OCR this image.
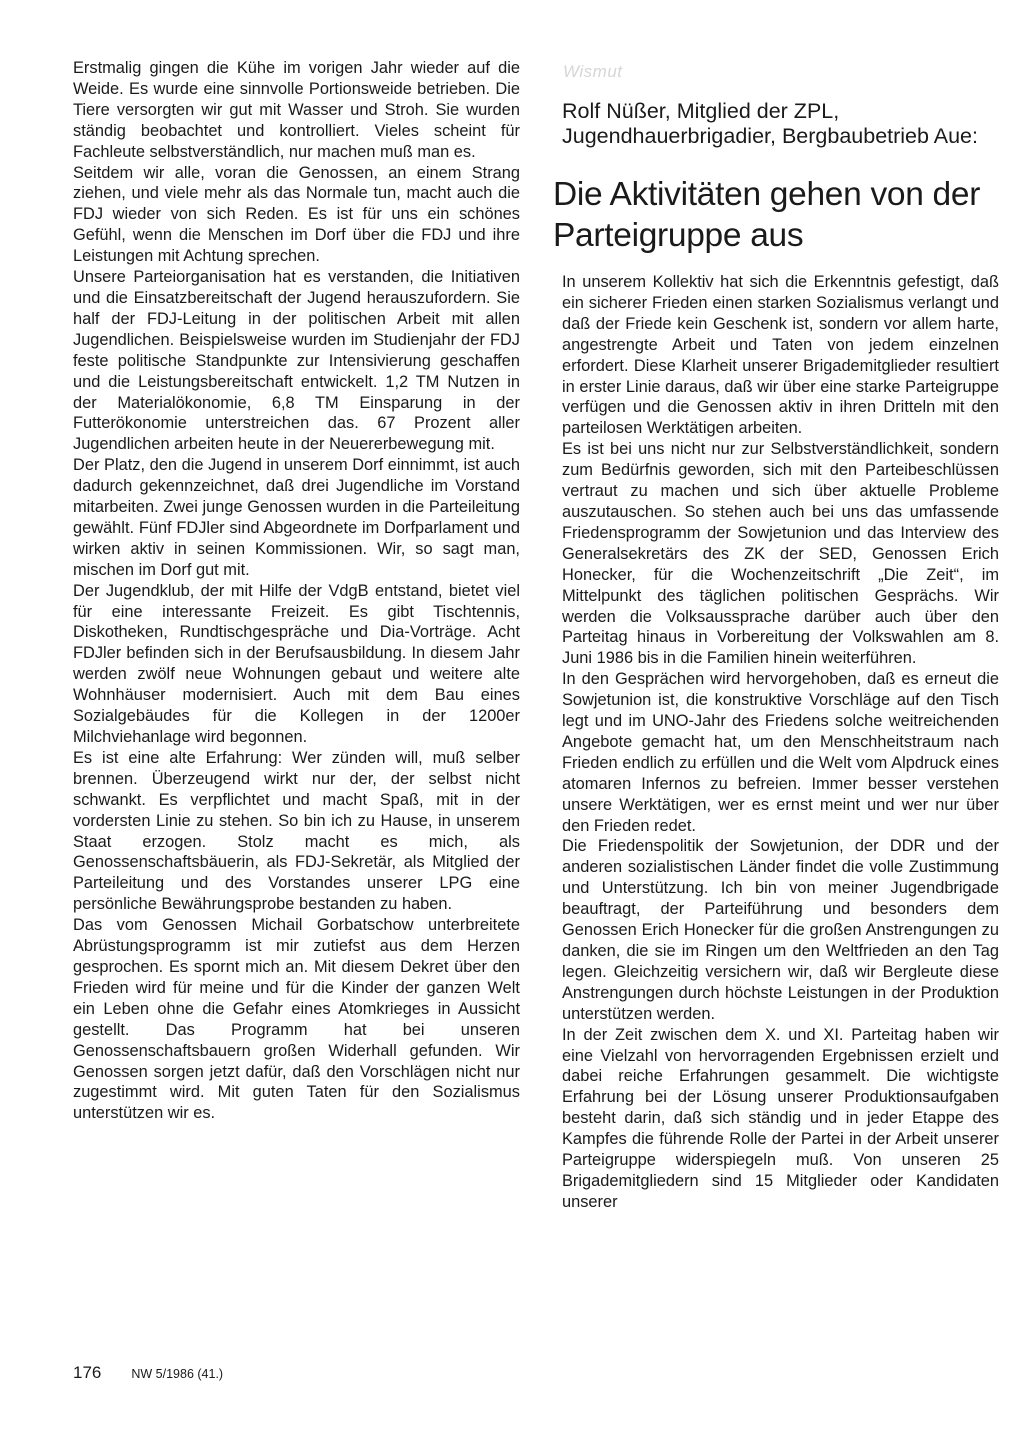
Erstmalig gingen die Kühe im vorigen Jahr wieder auf die Weide. Es wurde eine sinnvolle Portionsweide betrieben. Die Tiere versorgten wir gut mit Wasser und Stroh. Sie wurden ständig beobachtet und kontrolliert. Vieles scheint für Fachleute selbstverständlich, nur machen muß man es.

Seitdem wir alle, voran die Genossen, an einem Strang ziehen, und viele mehr als das Normale tun, macht auch die FDJ wieder von sich Reden. Es ist für uns ein schönes Gefühl, wenn die Menschen im Dorf über die FDJ und ihre Leistungen mit Achtung sprechen.

Unsere Parteiorganisation hat es verstanden, die Initiativen und die Einsatzbereitschaft der Jugend herauszufordern. Sie half der FDJ-Leitung in der politischen Arbeit mit allen Jugendlichen. Beispielsweise wurden im Studienjahr der FDJ feste politische Standpunkte zur Intensivierung geschaffen und die Leistungsbereitschaft entwickelt. 1,2 TM Nutzen in der Materialökonomie, 6,8 TM Einsparung in der Futterökonomie unterstreichen das. 67 Prozent aller Jugendlichen arbeiten heute in der Neuererbewegung mit.

Der Platz, den die Jugend in unserem Dorf einnimmt, ist auch dadurch gekennzeichnet, daß drei Jugendliche im Vorstand mitarbeiten. Zwei junge Genossen wurden in die Parteileitung gewählt. Fünf FDJler sind Abgeordnete im Dorfparlament und wirken aktiv in seinen Kommissionen. Wir, so sagt man, mischen im Dorf gut mit.

Der Jugendklub, der mit Hilfe der VdgB entstand, bietet viel für eine interessante Freizeit. Es gibt Tischtennis, Diskotheken, Rundtischgespräche und Dia-Vorträge. Acht FDJler befinden sich in der Berufsausbildung. In diesem Jahr werden zwölf neue Wohnungen gebaut und weitere alte Wohnhäuser modernisiert. Auch mit dem Bau eines Sozialgebäudes für die Kollegen in der 1200er Milchviehanlage wird begonnen.

Es ist eine alte Erfahrung: Wer zünden will, muß selber brennen. Überzeugend wirkt nur der, der selbst nicht schwankt. Es verpflichtet und macht Spaß, mit in der vordersten Linie zu stehen. So bin ich zu Hause, in unserem Staat erzogen. Stolz macht es mich, als Genossenschaftsbäuerin, als FDJ-Sekretär, als Mitglied der Parteileitung und des Vorstandes unserer LPG eine persönliche Bewährungsprobe bestanden zu haben.

Das vom Genossen Michail Gorbatschow unterbreitete Abrüstungsprogramm ist mir zutiefst aus dem Herzen gesprochen. Es spornt mich an. Mit diesem Dekret über den Frieden wird für meine und für die Kinder der ganzen Welt ein Leben ohne die Gefahr eines Atomkrieges in Aussicht gestellt. Das Programm hat bei unseren Genossenschaftsbauern großen Widerhall gefunden. Wir Genossen sorgen jetzt dafür, daß den Vorschlägen nicht nur zugestimmt wird. Mit guten Taten für den Sozialismus unterstützen wir es.

Wismut
Rolf Nüßer, Mitglied der ZPL, Jugendhauerbrigadier, Bergbaubetrieb Aue:
Die Aktivitäten gehen von der Parteigruppe aus

In unserem Kollektiv hat sich die Erkenntnis gefestigt, daß ein sicherer Frieden einen starken Sozialismus verlangt und daß der Friede kein Geschenk ist, sondern vor allem harte, angestrengte Arbeit und Taten von jedem einzelnen erfordert. Diese Klarheit unserer Brigademitglieder resultiert in erster Linie daraus, daß wir über eine starke Parteigruppe verfügen und die Genossen aktiv in ihren Dritteln mit den parteilosen Werktätigen arbeiten.

Es ist bei uns nicht nur zur Selbstverständlichkeit, sondern zum Bedürfnis geworden, sich mit den Parteibeschlüssen vertraut zu machen und sich über aktuelle Probleme auszutauschen. So stehen auch bei uns das umfassende Friedensprogramm der Sowjetunion und das Interview des Generalsekretärs des ZK der SED, Genossen Erich Honecker, für die Wochenzeitschrift „Die Zeit“, im Mittelpunkt des täglichen politischen Gesprächs. Wir werden die Volksaussprache darüber auch über den Parteitag hinaus in Vorbereitung der Volkswahlen am 8. Juni 1986 bis in die Familien hinein weiterführen.

In den Gesprächen wird hervorgehoben, daß es erneut die Sowjetunion ist, die konstruktive Vorschläge auf den Tisch legt und im UNO-Jahr des Friedens solche weitreichenden Angebote gemacht hat, um den Menschheitstraum nach Frieden endlich zu erfüllen und die Welt vom Alpdruck eines atomaren Infernos zu befreien. Immer besser verstehen unsere Werktätigen, wer es ernst meint und wer nur über den Frieden redet.

Die Friedenspolitik der Sowjetunion, der DDR und der anderen sozialistischen Länder findet die volle Zustimmung und Unterstützung. Ich bin von meiner Jugendbrigade beauftragt, der Parteiführung und besonders dem Genossen Erich Honecker für die großen Anstrengungen zu danken, die sie im Ringen um den Weltfrieden an den Tag legen. Gleichzeitig versichern wir, daß wir Bergleute diese Anstrengungen durch höchste Leistungen in der Produktion unterstützen werden.

In der Zeit zwischen dem X. und XI. Parteitag haben wir eine Vielzahl von hervorragenden Ergebnissen erzielt und dabei reiche Erfahrungen gesammelt. Die wichtigste Erfahrung bei der Lösung unserer Produktionsaufgaben besteht darin, daß sich ständig und in jeder Etappe des Kampfes die führende Rolle der Partei in der Arbeit unserer Parteigruppe widerspiegeln muß. Von unseren 25 Brigademitgliedern sind 15 Mitglieder oder Kandidaten unserer

176 NW 5/1986 (41.)
